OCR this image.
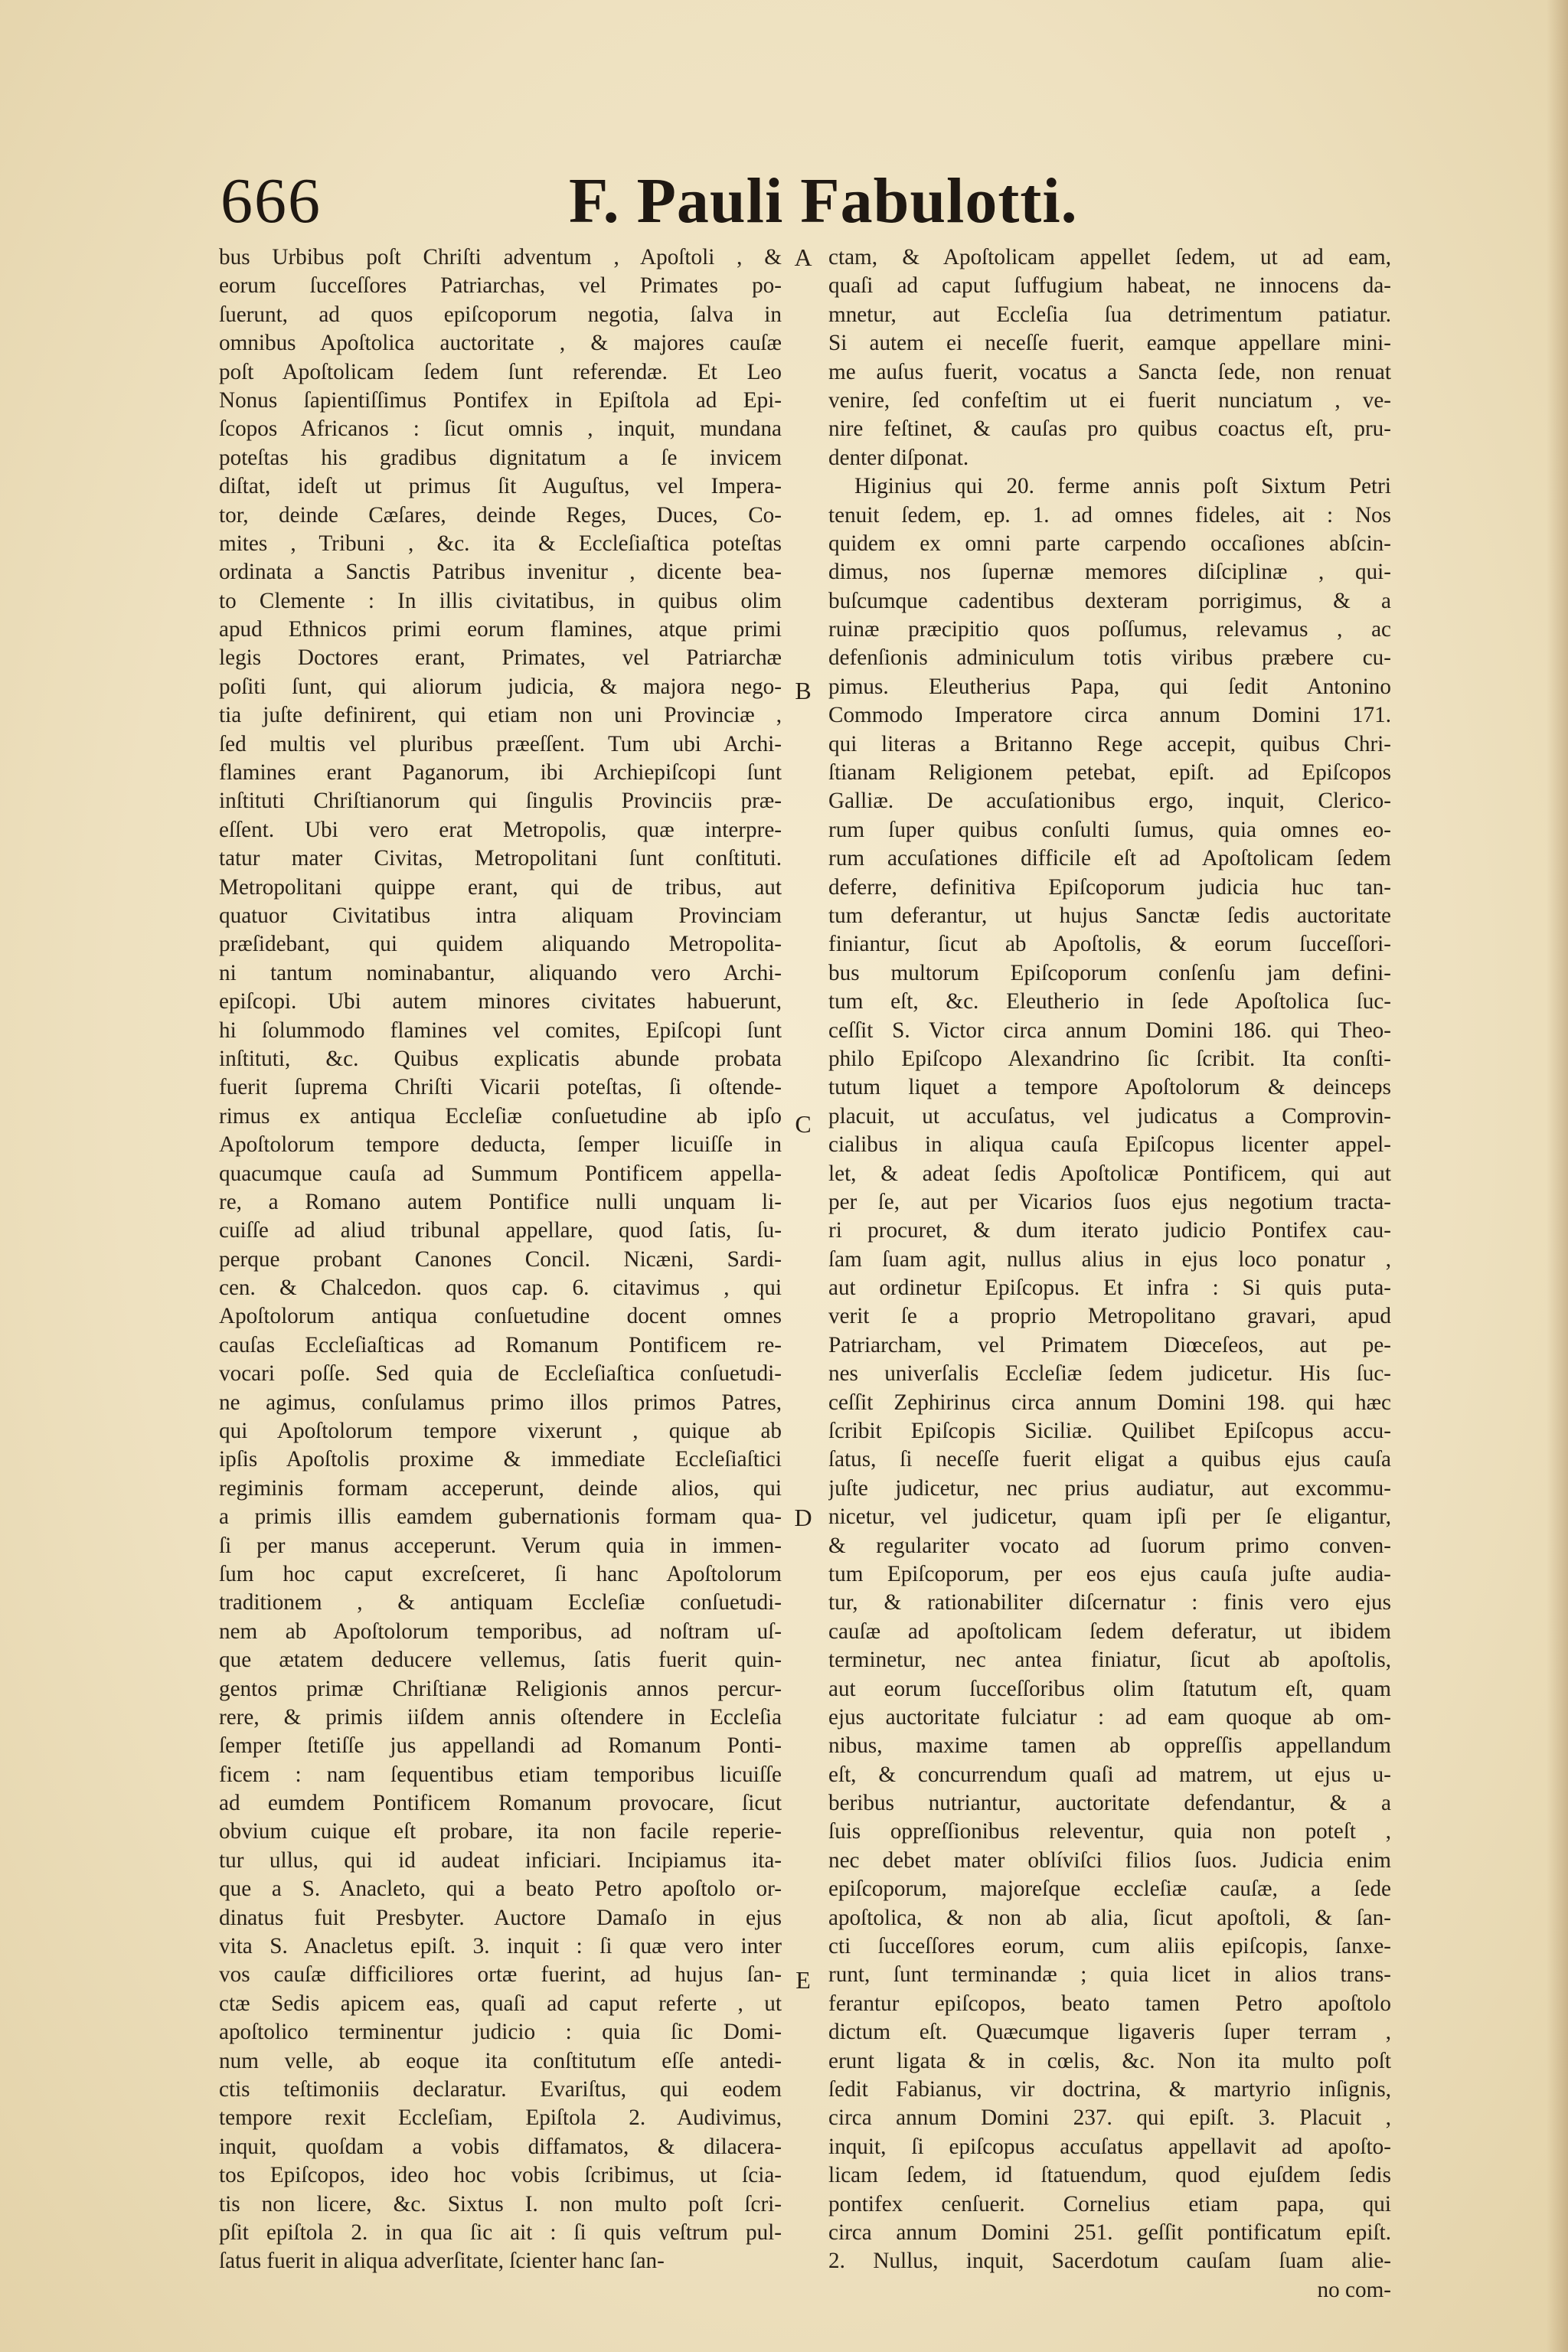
666	F. Pauli Fabulotti.
bus Urbibus poſt Chriſti adventum , Apoſtoli , &
eorum ſucceſſores Patriarchas, vel Primates po-
ſuerunt, ad quos epiſcoporum negotia, ſalva in
omnibus Apoſtolica auctoritate , & majores cauſæ
poſt Apoſtolicam ſedem ſunt referendæ. Et Leo
Nonus ſapientiſſimus Pontifex in Epiſtola ad Epi-
ſcopos Africanos : ſicut omnis , inquit, mundana
poteſtas his gradibus dignitatum a ſe invicem
diſtat, ideſt ut primus ſit Auguſtus, vel Impera-
tor, deinde Cæſares, deinde Reges, Duces, Co-
mites , Tribuni , &c. ita & Eccleſiaſtica poteſtas
ordinata a Sanctis Patribus invenitur , dicente bea-
to Clemente : In illis civitatibus, in quibus olim
apud Ethnicos primi eorum flamines, atque primi
legis Doctores erant, Primates, vel Patriarchæ
poſiti ſunt, qui aliorum judicia, & majora nego-
tia juſte definirent, qui etiam non uni Provinciæ ,
ſed multis vel pluribus præeſſent. Tum ubi Archi-
flamines erant Paganorum, ibi Archiepiſcopi ſunt
inſtituti Chriſtianorum qui ſingulis Provinciis præ-
eſſent. Ubi vero erat Metropolis, quæ interpre-
tatur mater Civitas, Metropolitani ſunt conſtituti.
Metropolitani quippe erant, qui de tribus, aut
quatuor Civitatibus intra aliquam Provinciam
præſidebant, qui quidem aliquando Metropolita-
ni tantum nominabantur, aliquando vero Archi-
epiſcopi. Ubi autem minores civitates habuerunt,
hi ſolummodo flamines vel comites, Epiſcopi ſunt
inſtituti, &c. Quibus explicatis abunde probata
fuerit ſuprema Chriſti Vicarii poteſtas, ſi oſtende-
rimus ex antiqua Eccleſiæ conſuetudine ab ipſo
Apoſtolorum tempore deducta, ſemper licuiſſe in
quacumque cauſa ad Summum Pontificem appella-
re, a Romano autem Pontifice nulli unquam li-
cuiſſe ad aliud tribunal appellare, quod ſatis, ſu-
perque probant Canones Concil. Nicæni, Sardi-
cen. & Chalcedon. quos cap. 6. citavimus , qui
Apoſtolorum antiqua conſuetudine docent omnes
cauſas Eccleſiaſticas ad Romanum Pontificem re-
vocari poſſe. Sed quia de Eccleſiaſtica conſuetudi-
ne agimus, conſulamus primo illos primos Patres,
qui Apoſtolorum tempore vixerunt , quique ab
ipſis Apoſtolis proxime & immediate Eccleſiaſtici
regiminis formam acceperunt, deinde alios, qui
a primis illis eamdem gubernationis formam qua-
ſi per manus acceperunt. Verum quia in immen-
ſum hoc caput excreſceret, ſi hanc Apoſtolorum
traditionem , & antiquam Eccleſiæ conſuetudi-
nem ab Apoſtolorum temporibus, ad noſtram uſ-
que ætatem deducere vellemus, ſatis fuerit quin-
gentos primæ Chriſtianæ Religionis annos percur-
rere, & primis iiſdem annis oſtendere in Eccleſia
ſemper ſtetiſſe jus appellandi ad Romanum Ponti-
ficem : nam ſequentibus etiam temporibus licuiſſe
ad eumdem Pontificem Romanum provocare, ſicut
obvium cuique eſt probare, ita non facile reperie-
tur ullus, qui id audeat inficiari. Incipiamus ita-
que a S. Anacleto, qui a beato Petro apoſtolo or-
dinatus fuit Presbyter. Auctore Damaſo in ejus
vita S. Anacletus epiſt. 3. inquit : ſi quæ vero inter
vos cauſæ difficiliores ortæ fuerint, ad hujus ſan-
ctæ Sedis apicem eas, quaſi ad caput referte , ut
apoſtolico terminentur judicio : quia ſic Domi-
num velle, ab eoque ita conſtitutum eſſe antedi-
ctis teſtimoniis declaratur. Evariſtus, qui eodem
tempore rexit Eccleſiam, Epiſtola 2. Audivimus,
inquit, quoſdam a vobis diffamatos, & dilacera-
tos Epiſcopos, ideo hoc vobis ſcribimus, ut ſcia-
tis non licere, &c. Sixtus I. non multo poſt ſcri-
pſit epiſtola 2. in qua ſic ait : ſi quis veſtrum pul-
ſatus fuerit in aliqua adverſitate, ſcienter hanc ſan-
ctam, & Apoſtolicam appellet ſedem, ut ad eam,
quaſi ad caput ſuffugium habeat, ne innocens da-
mnetur, aut Eccleſia ſua detrimentum patiatur.
Si autem ei neceſſe fuerit, eamque appellare mini-
me auſus fuerit, vocatus a Sancta ſede, non renuat
venire, ſed confeſtim ut ei fuerit nunciatum , ve-
nire feſtinet, & cauſas pro quibus coactus eſt, pru-
denter diſponat.
Higinius qui 20. ferme annis poſt Sixtum Petri
tenuit ſedem, ep. 1. ad omnes fideles, ait : Nos
quidem ex omni parte carpendo occaſiones abſcin-
dimus, nos ſupernæ memores diſciplinæ , qui-
buſcumque cadentibus dexteram porrigimus, & a
ruinæ præcipitio quos poſſumus, relevamus , ac
defenſionis adminiculum totis viribus præbere cu-
pimus. Eleutherius Papa, qui ſedit Antonino
Commodo Imperatore circa annum Domini 171.
qui literas a Britanno Rege accepit, quibus Chri-
ſtianam Religionem petebat, epiſt. ad Epiſcopos
Galliæ. De accuſationibus ergo, inquit, Clerico-
rum ſuper quibus conſulti ſumus, quia omnes eo-
rum accuſationes difficile eſt ad Apoſtolicam ſedem
deferre, definitiva Epiſcoporum judicia huc tan-
tum deferantur, ut hujus Sanctæ ſedis auctoritate
finiantur, ſicut ab Apoſtolis, & eorum ſucceſſori-
bus multorum Epiſcoporum conſenſu jam defini-
tum eſt, &c. Eleutherio in ſede Apoſtolica ſuc-
ceſſit S. Victor circa annum Domini 186. qui Theo-
philo Epiſcopo Alexandrino ſic ſcribit. Ita conſti-
tutum liquet a tempore Apoſtolorum & deinceps
placuit, ut accuſatus, vel judicatus a Comprovin-
cialibus in aliqua cauſa Epiſcopus licenter appel-
let, & adeat ſedis Apoſtolicæ Pontificem, qui aut
per ſe, aut per Vicarios ſuos ejus negotium tracta-
ri procuret, & dum iterato judicio Pontifex cau-
ſam ſuam agit, nullus alius in ejus loco ponatur ,
aut ordinetur Epiſcopus. Et infra : Si quis puta-
verit ſe a proprio Metropolitano gravari, apud
Patriarcham, vel Primatem Diœceſeos, aut pe-
nes univerſalis Eccleſiæ ſedem judicetur. His ſuc-
ceſſit Zephirinus circa annum Domini 198. qui hæc
ſcribit Epiſcopis Siciliæ. Quilibet Epiſcopus accu-
ſatus, ſi neceſſe fuerit eligat a quibus ejus cauſa
juſte judicetur, nec prius audiatur, aut excommu-
nicetur, vel judicetur, quam ipſi per ſe eligantur,
& regulariter vocato ad ſuorum primo conven-
tum Epiſcoporum, per eos ejus cauſa juſte audia-
tur, & rationabiliter diſcernatur : finis vero ejus
cauſæ ad apoſtolicam ſedem deferatur, ut ibidem
terminetur, nec antea finiatur, ſicut ab apoſtolis,
aut eorum ſucceſſoribus olim ſtatutum eſt, quam
ejus auctoritate fulciatur : ad eam quoque ab om-
nibus, maxime tamen ab oppreſſis appellandum
eſt, & concurrendum quaſi ad matrem, ut ejus u-
beribus nutriantur, auctoritate defendantur, & a
ſuis oppreſſionibus releventur, quia non poteſt ,
nec debet mater oblíviſci filios ſuos. Judicia enim
epiſcoporum, majoreſque eccleſiæ cauſæ, a ſede
apoſtolica, & non ab alia, ſicut apoſtoli, & ſan-
cti ſucceſſores eorum, cum aliis epiſcopis, ſanxe-
runt, ſunt terminandæ ; quia licet in alios trans-
ferantur epiſcopos, beato tamen Petro apoſtolo
dictum eſt. Quæcumque ligaveris ſuper terram ,
erunt ligata & in cœlis, &c. Non ita multo poſt
ſedit Fabianus, vir doctrina, & martyrio inſignis,
circa annum Domini 237. qui epiſt. 3. Placuit ,
inquit, ſi epiſcopus accuſatus appellavit ad apoſto-
licam ſedem, id ſtatuendum, quod ejuſdem ſedis
pontifex cenſuerit. Cornelius etiam papa, qui
circa annum Domini 251. geſſit pontificatum epiſt.
2. Nullus, inquit, Sacerdotum cauſam ſuam alie-
no com-
A
B
C
D
E
